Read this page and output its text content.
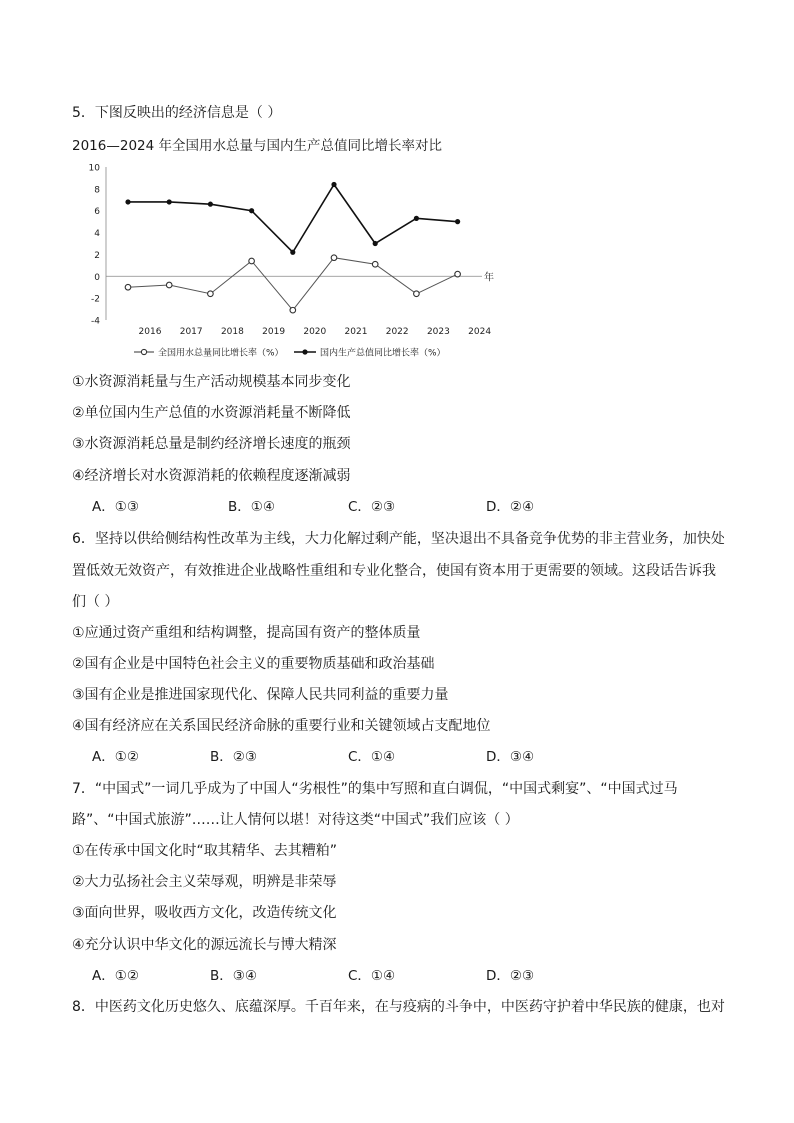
5．下图反映出的经济信息是（ ）
2016—2024 年全国用水总量与国内生产总值同比增长率对比
-4
-2
0
2
4
6
8
10
年
2016 2017 2018 2019 2020 2021 2022 2023 2024
全国用水总量同比增长率（%）	国内生产总值同比增长率（%）
①水资源消耗量与生产活动规模基本同步变化
②单位国内生产总值的水资源消耗量不断降低
③水资源消耗总量是制约经济增长速度的瓶颈
④经济增长对水资源消耗的依赖程度逐渐减弱
A．①③	B．①④	C．②③	D．②④
6．坚持以供给侧结构性改革为主线，大力化解过剩产能，坚决退出不具备竞争优势的非主营业务，加快处
置低效无效资产，有效推进企业战略性重组和专业化整合，使国有资本用于更需要的领域。这段话告诉我
们（ ）
①应通过资产重组和结构调整，提高国有资产的整体质量
②国有企业是中国特色社会主义的重要物质基础和政治基础
③国有企业是推进国家现代化、保障人民共同利益的重要力量
④国有经济应在关系国民经济命脉的重要行业和关键领域占支配地位
A．①②	B．②③	C．①④	D．③④
7．“中国式”一词几乎成为了中国人“劣根性”的集中写照和直白调侃，“中国式剩宴”、“中国式过马
路”、“中国式旅游”……让人情何以堪！对待这类“中国式”我们应该（ ）
①在传承中国文化时“取其精华、去其糟粕”
②大力弘扬社会主义荣辱观，明辨是非荣辱
③面向世界，吸收西方文化，改造传统文化
④充分认识中华文化的源远流长与博大精深
A．①②	B．③④	C．①④	D．②③
8．中医药文化历史悠久、底蕴深厚。千百年来，在与疫病的斗争中，中医药守护着中华民族的健康，也对
